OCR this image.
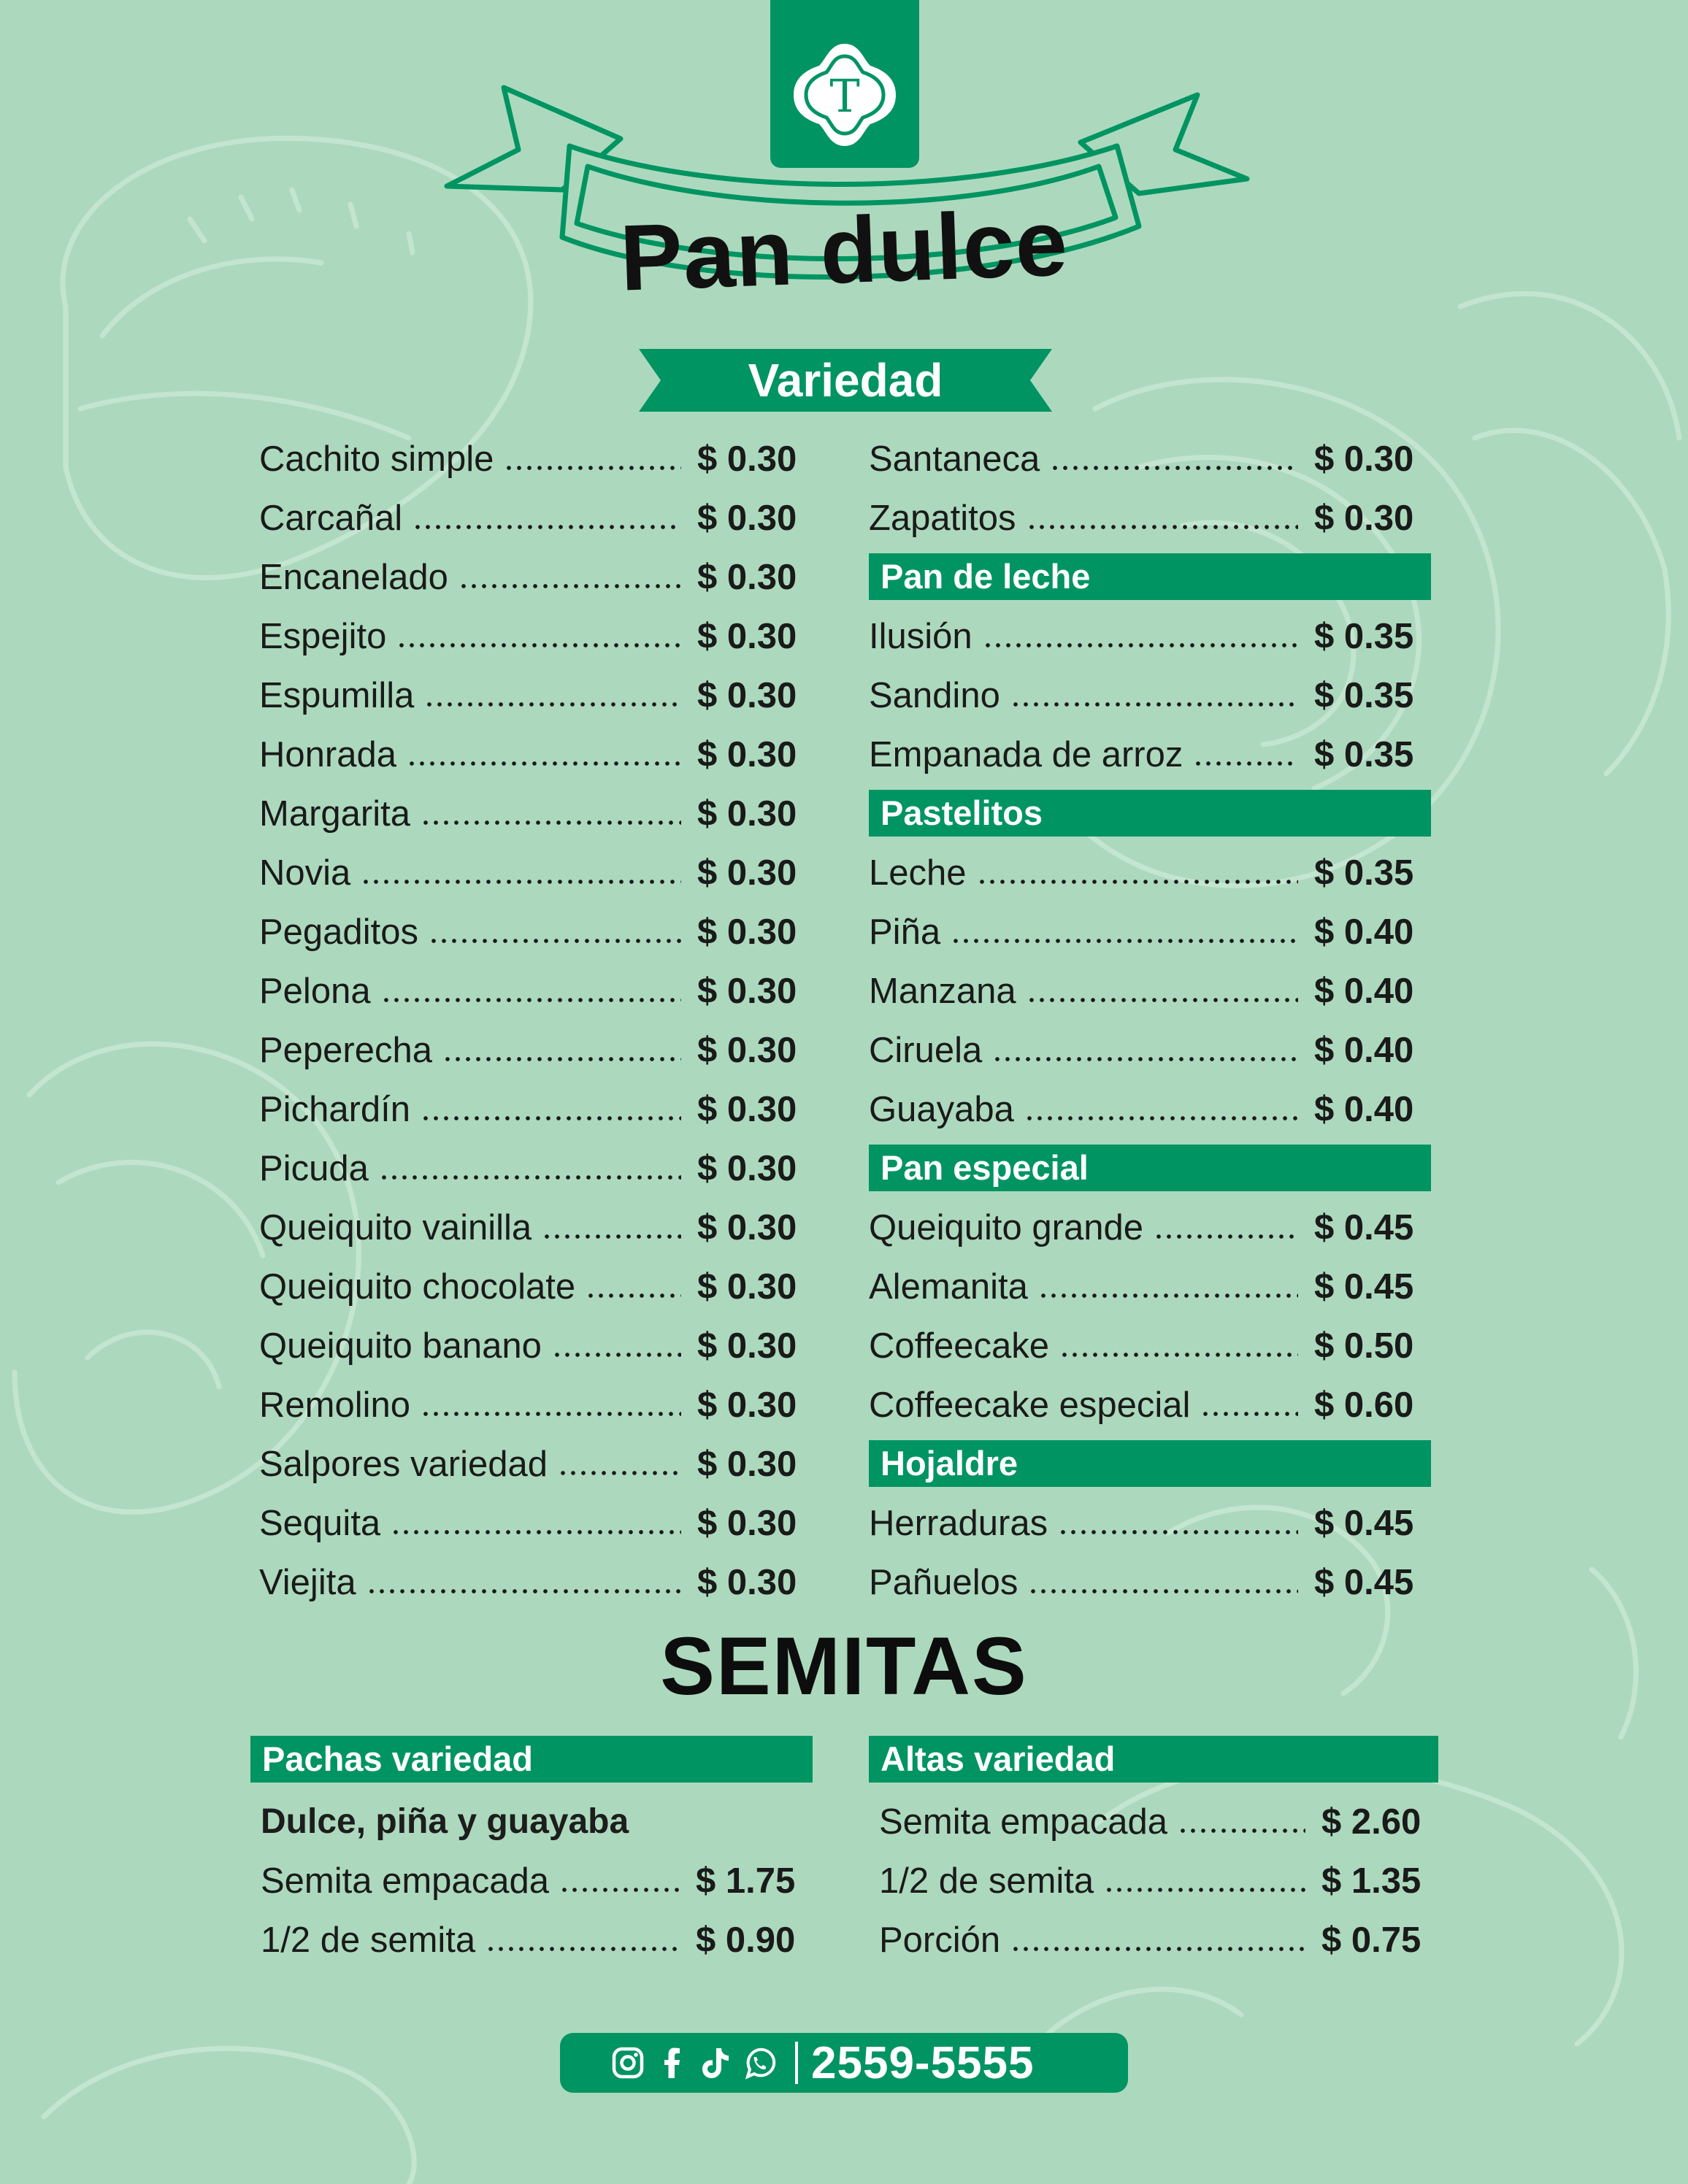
T
Pan dulce
Variedad
Cachito simple	$ 0.30
Carcañal	$ 0.30
Encanelado	$ 0.30
Espejito	$ 0.30
Espumilla	$ 0.30
Honrada	$ 0.30
Margarita	$ 0.30
Novia	$ 0.30
Pegaditos	$ 0.30
Pelona	$ 0.30
Peperecha	$ 0.30
Pichardín	$ 0.30
Picuda	$ 0.30
Queiquito vainilla	$ 0.30
Queiquito chocolate	$ 0.30
Queiquito banano	$ 0.30
Remolino	$ 0.30
Salpores variedad	$ 0.30
Sequita	$ 0.30
Viejita	$ 0.30
Santaneca	$ 0.30
Zapatitos	$ 0.30
Pan de leche
Ilusión	$ 0.35
Sandino	$ 0.35
Empanada de arroz	$ 0.35
Pastelitos
Leche	$ 0.35
Piña	$ 0.40
Manzana	$ 0.40
Ciruela	$ 0.40
Guayaba	$ 0.40
Pan especial
Queiquito grande	$ 0.45
Alemanita	$ 0.45
Coffeecake	$ 0.50
Coffeecake especial	$ 0.60
Hojaldre
Herraduras	$ 0.45
Pañuelos	$ 0.45
SEMITAS
Pachas variedad
Dulce, piña y guayaba
Semita empacada	$ 1.75
1/2 de semita	$ 0.90
Altas variedad
Semita empacada	$ 2.60
1/2 de semita	$ 1.35
Porción	$ 0.75
2559-5555
